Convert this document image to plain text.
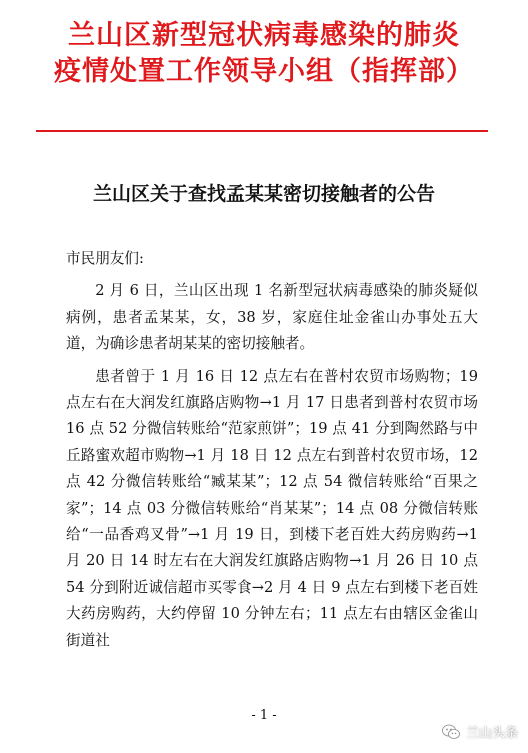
兰山区新型冠状病毒感染的肺炎
疫情处置工作领导小组（指挥部）
兰山区关于查找孟某某密切接触者的公告

市民朋友们:

2 月 6 日，兰山区出现 1 名新型冠状病毒感染的肺炎疑似病例，患者孟某某，女，38 岁，家庭住址金雀山办事处五大道，为确诊患者胡某某的密切接触者。

患者曾于 1 月 16 日 12 点左右在普村农贸市场购物；19 点左右在大润发红旗路店购物→1 月 17 日患者到普村农贸市场 16 点 52 分微信转账给“范家煎饼”；19 点 41 分到陶然路与中丘路蜜欢超市购物→1 月 18 日 12 点左右到普村农贸市场，12 点 42 分微信转账给“臧某某”；12 点 54 微信转账给“百果之家”；14 点 03 分微信转账给“肖某某”；14 点 08 分微信转账给“一品香鸡叉骨”→1 月 19 日，到楼下老百姓大药房购药→1 月 20 日 14 时左右在大润发红旗路店购物→1 月 26 日 10 点 54 分到附近诚信超市买零食→2 月 4 日 9 点左右到楼下老百姓大药房购药，大约停留 10 分钟左右；11 点左右由辖区金雀山街道社

- 1 -
兰山头条
